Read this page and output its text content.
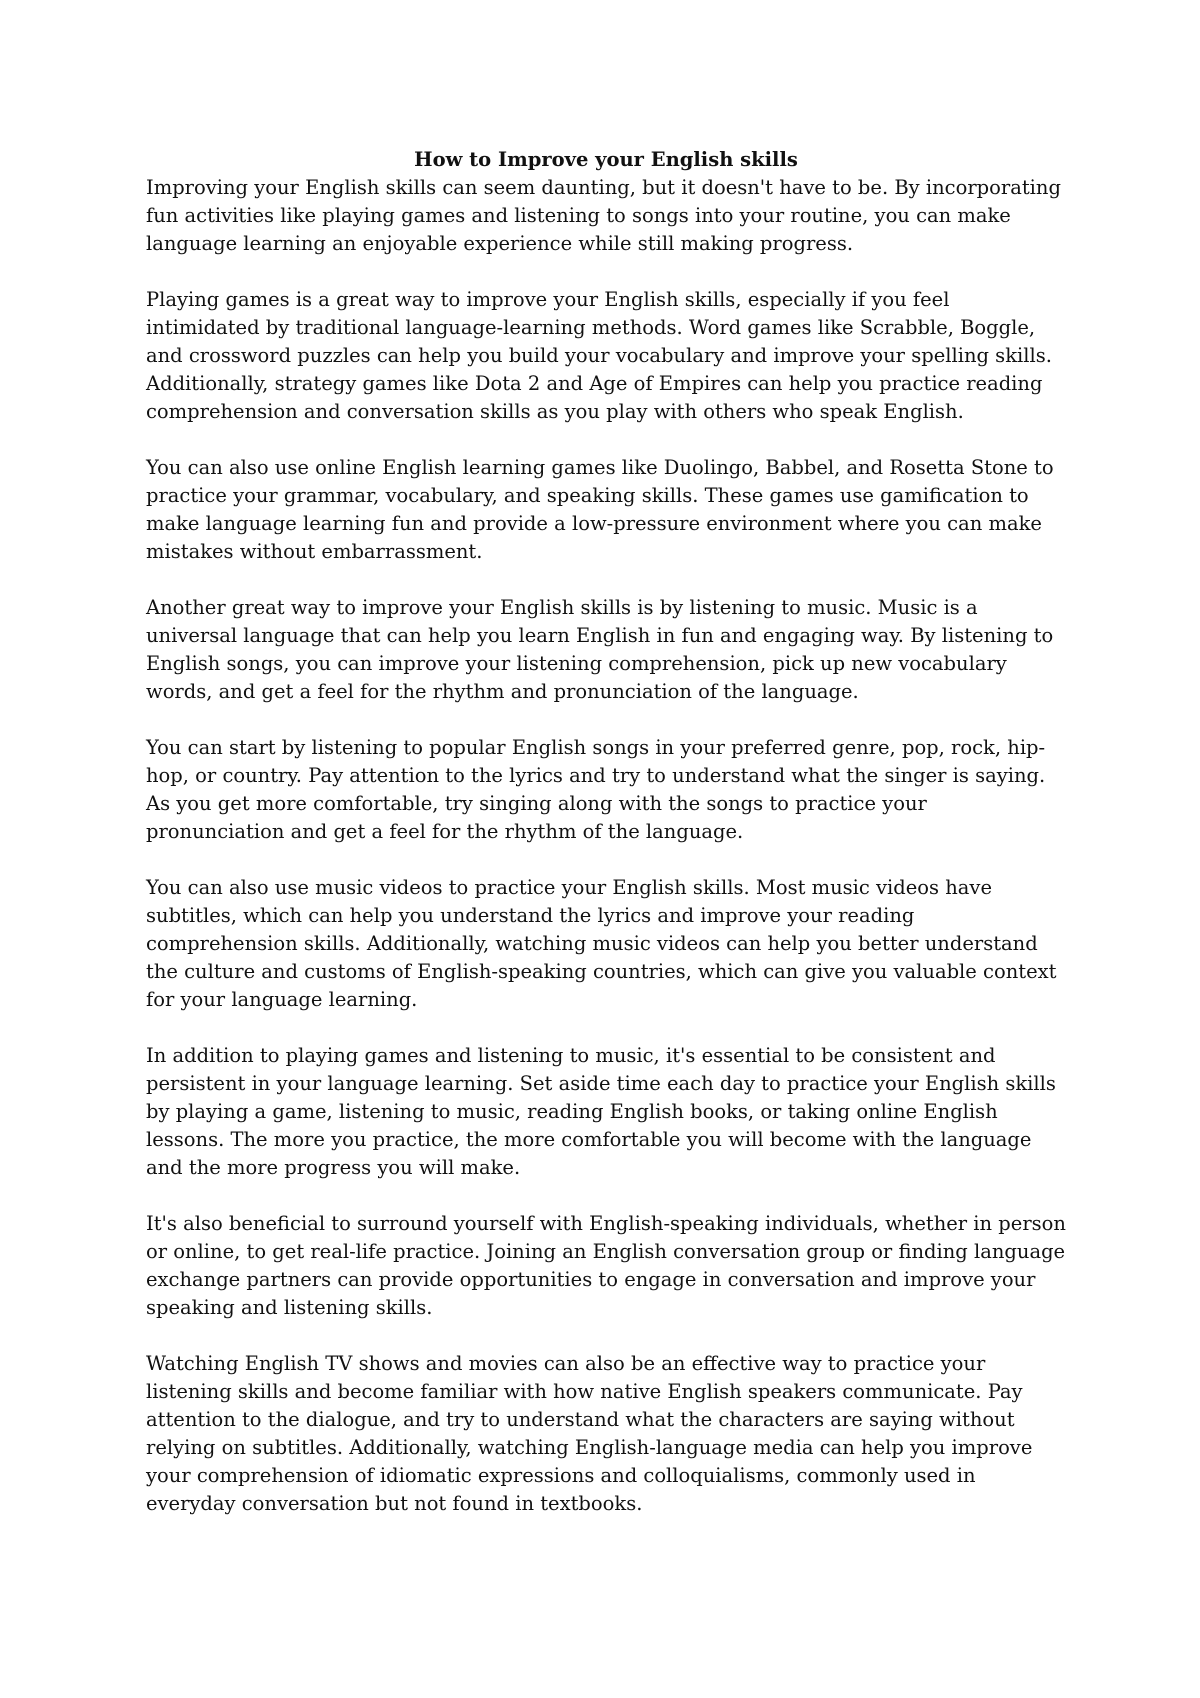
How to Improve your English skills

Improving your English skills can seem daunting, but it doesn't have to be. By incorporating fun activities like playing games and listening to songs into your routine, you can make language learning an enjoyable experience while still making progress.

Playing games is a great way to improve your English skills, especially if you feel intimidated by traditional language-learning methods. Word games like Scrabble, Boggle, and crossword puzzles can help you build your vocabulary and improve your spelling skills. Additionally, strategy games like Dota 2 and Age of Empires can help you practice reading comprehension and conversation skills as you play with others who speak English.

You can also use online English learning games like Duolingo, Babbel, and Rosetta Stone to practice your grammar, vocabulary, and speaking skills. These games use gamification to make language learning fun and provide a low-pressure environment where you can make mistakes without embarrassment.

Another great way to improve your English skills is by listening to music. Music is a universal language that can help you learn English in fun and engaging way. By listening to English songs, you can improve your listening comprehension, pick up new vocabulary words, and get a feel for the rhythm and pronunciation of the language.

You can start by listening to popular English songs in your preferred genre, pop, rock, hip-hop, or country. Pay attention to the lyrics and try to understand what the singer is saying. As you get more comfortable, try singing along with the songs to practice your pronunciation and get a feel for the rhythm of the language.

You can also use music videos to practice your English skills. Most music videos have subtitles, which can help you understand the lyrics and improve your reading comprehension skills. Additionally, watching music videos can help you better understand the culture and customs of English-speaking countries, which can give you valuable context for your language learning.

In addition to playing games and listening to music, it's essential to be consistent and persistent in your language learning. Set aside time each day to practice your English skills by playing a game, listening to music, reading English books, or taking online English lessons. The more you practice, the more comfortable you will become with the language and the more progress you will make.

It's also beneficial to surround yourself with English-speaking individuals, whether in person or online, to get real-life practice. Joining an English conversation group or finding language exchange partners can provide opportunities to engage in conversation and improve your speaking and listening skills.

Watching English TV shows and movies can also be an effective way to practice your listening skills and become familiar with how native English speakers communicate. Pay attention to the dialogue, and try to understand what the characters are saying without relying on subtitles. Additionally, watching English-language media can help you improve your comprehension of idiomatic expressions and colloquialisms, commonly used in everyday conversation but not found in textbooks.
